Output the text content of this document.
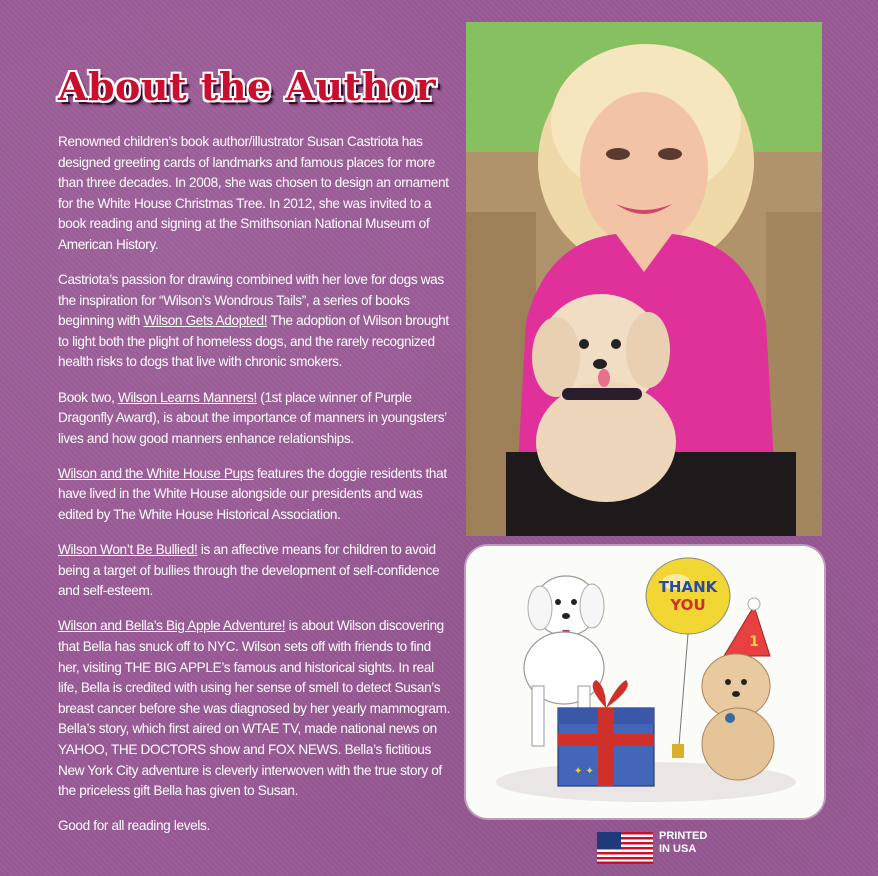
About the Author

Renowned children’s book author/illustrator Susan Castriota has designed greeting cards of landmarks and famous places for more than three decades. In 2008, she was chosen to design an ornament for the White House Christmas Tree. In 2012, she was invited to a book reading and signing at the Smithsonian National Museum of American History.

Castriota’s passion for drawing combined with her love for dogs was the inspiration for “Wilson’s Wondrous Tails”, a series of books beginning with Wilson Gets Adopted! The adoption of Wilson brought to light both the plight of homeless dogs, and the rarely recognized health risks to dogs that live with chronic smokers.

Book two, Wilson Learns Manners! (1st place winner of Purple Dragonfly Award), is about the importance of manners in youngsters’ lives and how good manners enhance relationships.

Wilson and the White House Pups features the doggie residents that have lived in the White House alongside our presidents and was edited by The White House Historical Association.

Wilson Won’t Be Bullied! is an affective means for children to avoid being a target of bullies through the development of self-confidence and self-esteem.

Wilson and Bella’s Big Apple Adventure! is about Wilson discovering that Bella has snuck off to NYC. Wilson sets off with friends to find her, visiting THE BIG APPLE’s famous and historical sights. In real life, Bella is credited with using her sense of smell to detect Susan’s breast cancer before she was diagnosed by her yearly mammogram. Bella’s story, which first aired on WTAE TV, made national news on YAHOO, THE DOCTORS show and FOX NEWS. Bella’s fictitious New York City adventure is cleverly interwoven with the true story of the priceless gift Bella has given to Susan.

Good for all reading levels.

✦ ✦
THANK
YOU
1
PRINTED
IN USA
